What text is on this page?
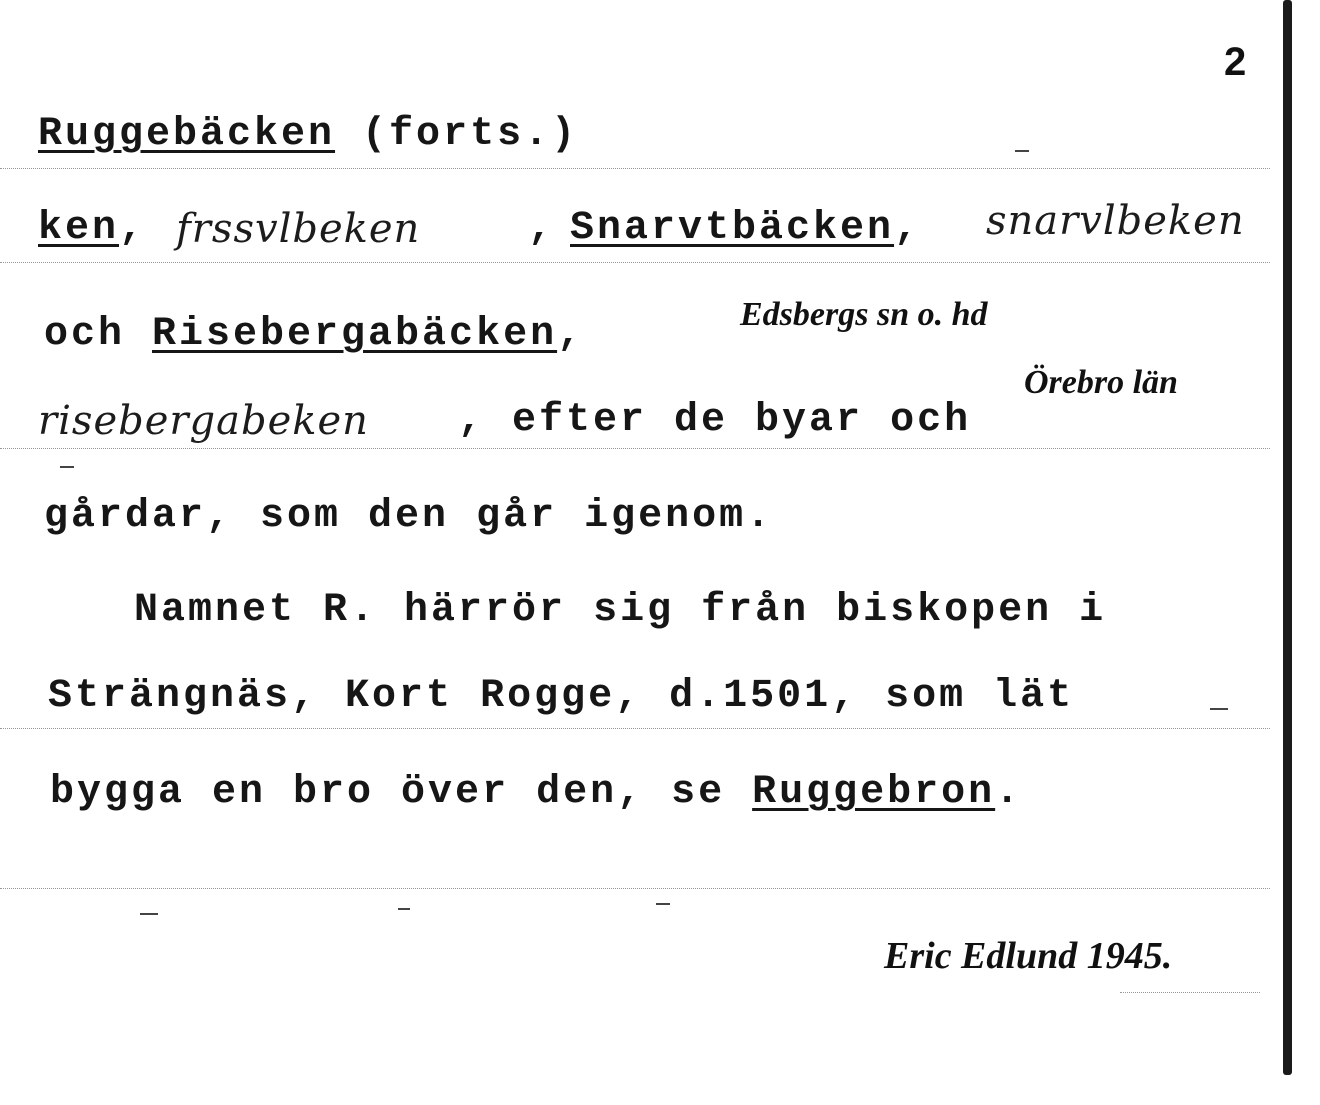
2
Ruggebäcken (forts.)
ken, frssvlbeken	, Snarvtbäcken, snarvlbeken
och Risebergabäcken,	Edsbergs sn o. hd
Örebro län
risebergabeken , efter de byar och
gårdar, som den går igenom.
Namnet R. härrör sig från biskopen i
Strängnäs, Kort Rogge, d.1501, som lät
bygga en bro över den, se Ruggebron.
Eric Edlund 1945.
